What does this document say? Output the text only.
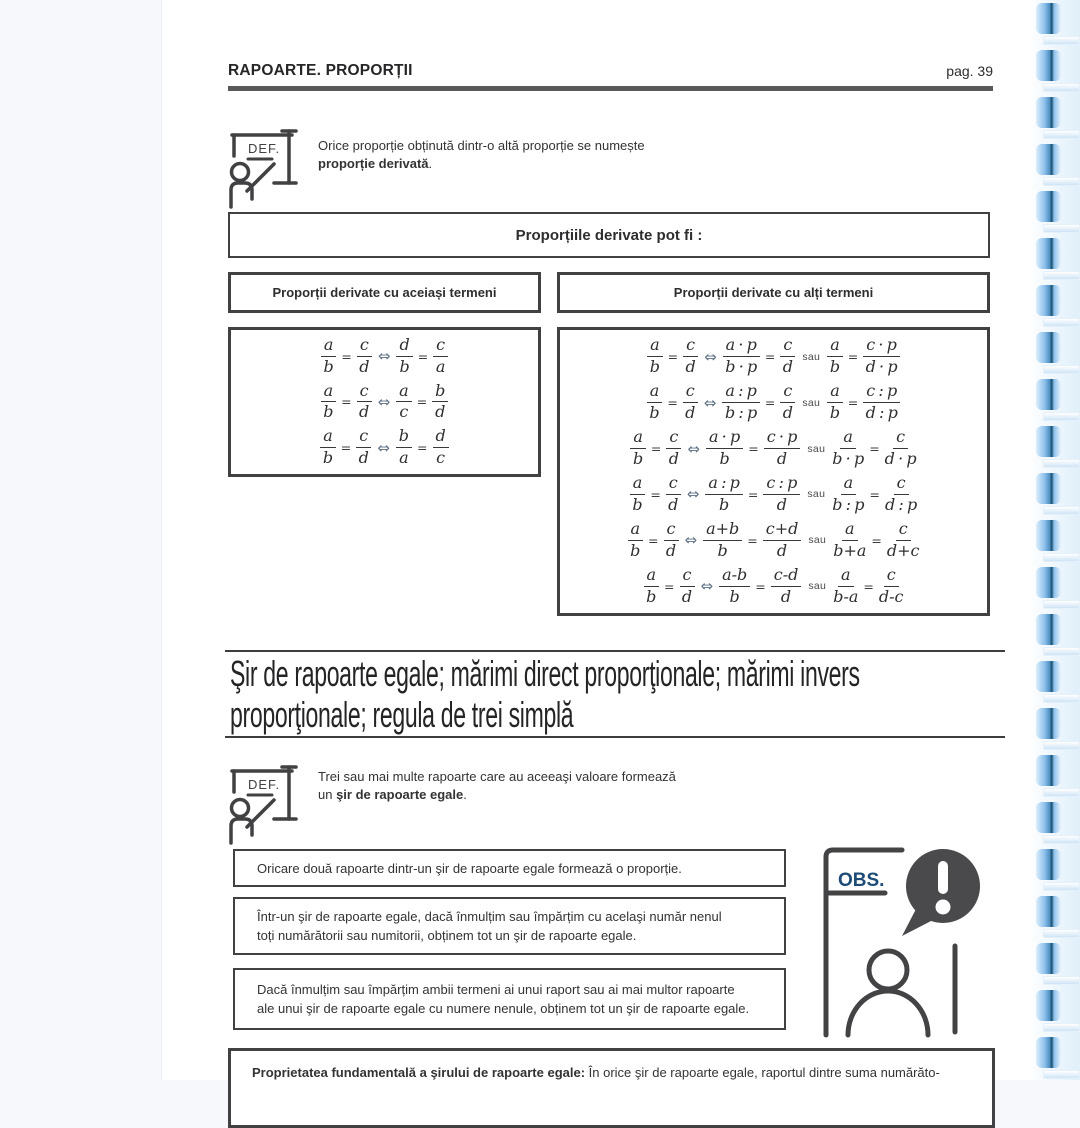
RAPOARTE. PROPORȚII	pag. 39
DEF.	Orice proporție obținută dintr-o altă proporție se numește
proporție derivată.
Proporțiile derivate pot fi :
Proporții derivate cu aceiași termeni	Proporții derivate cu alți termeni
$\frac{a}{b} = \frac{c}{d}$ ⇔ $\frac{d}{b} = \frac{c}{a}$
$\frac{a}{b} = \frac{c}{d}$ ⇔ $\frac{a}{c} = \frac{b}{d}$
$\frac{a}{b} = \frac{c}{d}$ ⇔ $\frac{b}{a} = \frac{d}{c}$
$\frac{a}{b} = \frac{c}{d}$ ⇔ $\frac{a \cdot p}{b \cdot p} = \frac{c}{d}$ sau $\frac{a}{b} = \frac{c \cdot p}{d \cdot p}$
$\frac{a}{b} = \frac{c}{d}$ ⇔ $\frac{a : p}{b : p} = \frac{c}{d}$ sau $\frac{a}{b} = \frac{c : p}{d : p}$
$\frac{a}{b} = \frac{c}{d}$ ⇔ $\frac{a \cdot p}{b} = \frac{c \cdot p}{d}$ sau $\frac{a}{b \cdot p} = \frac{c}{d \cdot p}$
$\frac{a}{b} = \frac{c}{d}$ ⇔ $\frac{a : p}{b} = \frac{c : p}{d}$ sau $\frac{a}{b : p} = \frac{c}{d : p}$
$\frac{a}{b} = \frac{c}{d}$ ⇔ $\frac{a+b}{b} = \frac{c+d}{d}$ sau $\frac{a}{b+a} = \frac{c}{d+c}$
$\frac{a}{b} = \frac{c}{d}$ ⇔ $\frac{a-b}{b} = \frac{c-d}{d}$ sau $\frac{a}{b-a} = \frac{c}{d-c}$
Şir de rapoarte egale; mărimi direct proporţionale; mărimi invers
proporţionale; regula de trei simplă
DEF.
Trei sau mai multe rapoarte care au aceeaşi valoare formează
un şir de rapoarte egale.
Oricare două rapoarte dintr-un şir de rapoarte egale formează o proporție.
Într-un şir de rapoarte egale, dacă înmulțim sau împărțim cu acelaşi număr nenul
toți numărătorii sau numitorii, obținem tot un şir de rapoarte egale.
Dacă înmulțim sau împărțim ambii termeni ai unui raport sau ai mai multor rapoarte
ale unui şir de rapoarte egale cu numere nenule, obținem tot un şir de rapoarte egale.
OBS.
Proprietatea fundamentală a şirului de rapoarte egale: În orice şir de rapoarte egale, raportul dintre suma numărăto-
